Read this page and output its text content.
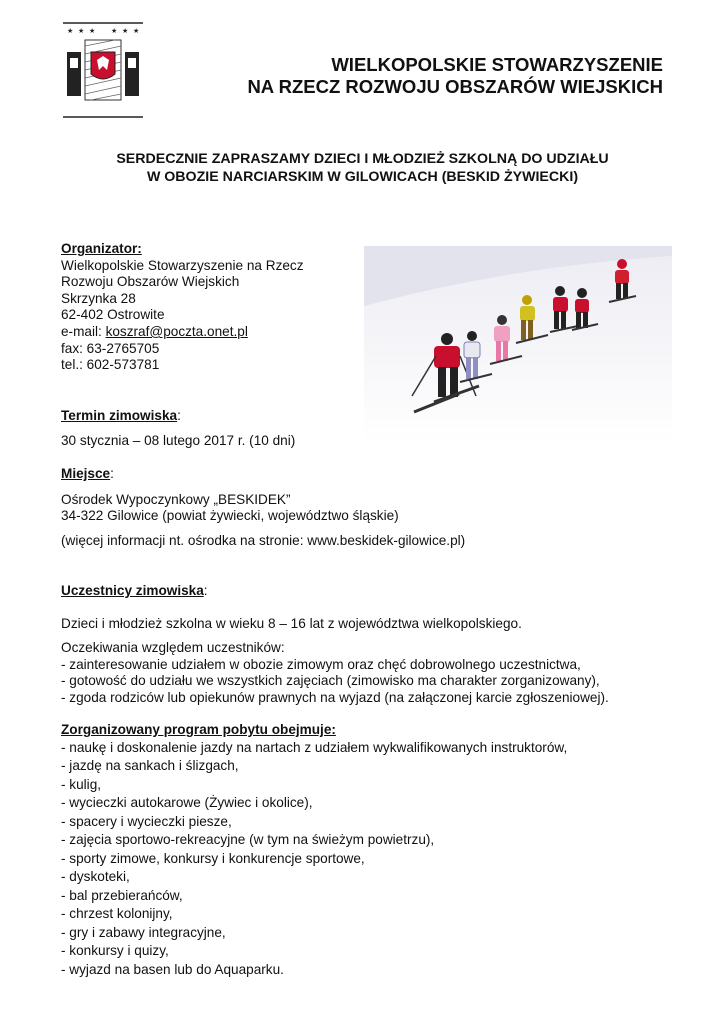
★ ★ ★ ★ ★ ★
WIELKOPOLSKIE STOWARZYSZENIE
NA RZECZ ROZWOJU OBSZARÓW WIEJSKICH
SERDECZNIE ZAPRASZAMY DZIECI I MŁODZIEŻ SZKOLNĄ DO UDZIAŁU
W OBOZIE NARCIARSKIM W GILOWICACH (BESKID ŻYWIECKI)
Organizator:
Wielkopolskie Stowarzyszenie na Rzecz
Rozwoju Obszarów Wiejskich
Skrzynka 28
62-402 Ostrowite
e-mail: koszraf@poczta.onet.pl
fax: 63-2765705
tel.: 602-573781
Termin zimowiska:
30 stycznia – 08 lutego 2017 r. (10 dni)
Miejsce:
Ośrodek Wypoczynkowy „BESKIDEK”
34-322 Gilowice (powiat żywiecki, województwo śląskie)
(więcej informacji nt. ośrodka na stronie: www.beskidek-gilowice.pl)
Uczestnicy zimowiska:
Dzieci i młodzież szkolna w wieku 8 – 16 lat z województwa wielkopolskiego.
Oczekiwania względem uczestników:
- zainteresowanie udziałem w obozie zimowym oraz chęć dobrowolnego uczestnictwa,
- gotowość do udziału we wszystkich zajęciach (zimowisko ma charakter zorganizowany),
- zgoda rodziców lub opiekunów prawnych na wyjazd (na załączonej karcie zgłoszeniowej).
Zorganizowany program pobytu obejmuje:
- naukę i doskonalenie jazdy na nartach z udziałem wykwalifikowanych instruktorów,
- jazdę na sankach i ślizgach,
- kulig,
- wycieczki autokarowe (Żywiec i okolice),
- spacery i wycieczki piesze,
- zajęcia sportowo-rekreacyjne (w tym na świeżym powietrzu),
- sporty zimowe, konkursy i konkurencje sportowe,
- dyskoteki,
- bal przebierańców,
- chrzest kolonijny,
- gry i zabawy integracyjne,
- konkursy i quizy,
- wyjazd na basen lub do Aquaparku.
